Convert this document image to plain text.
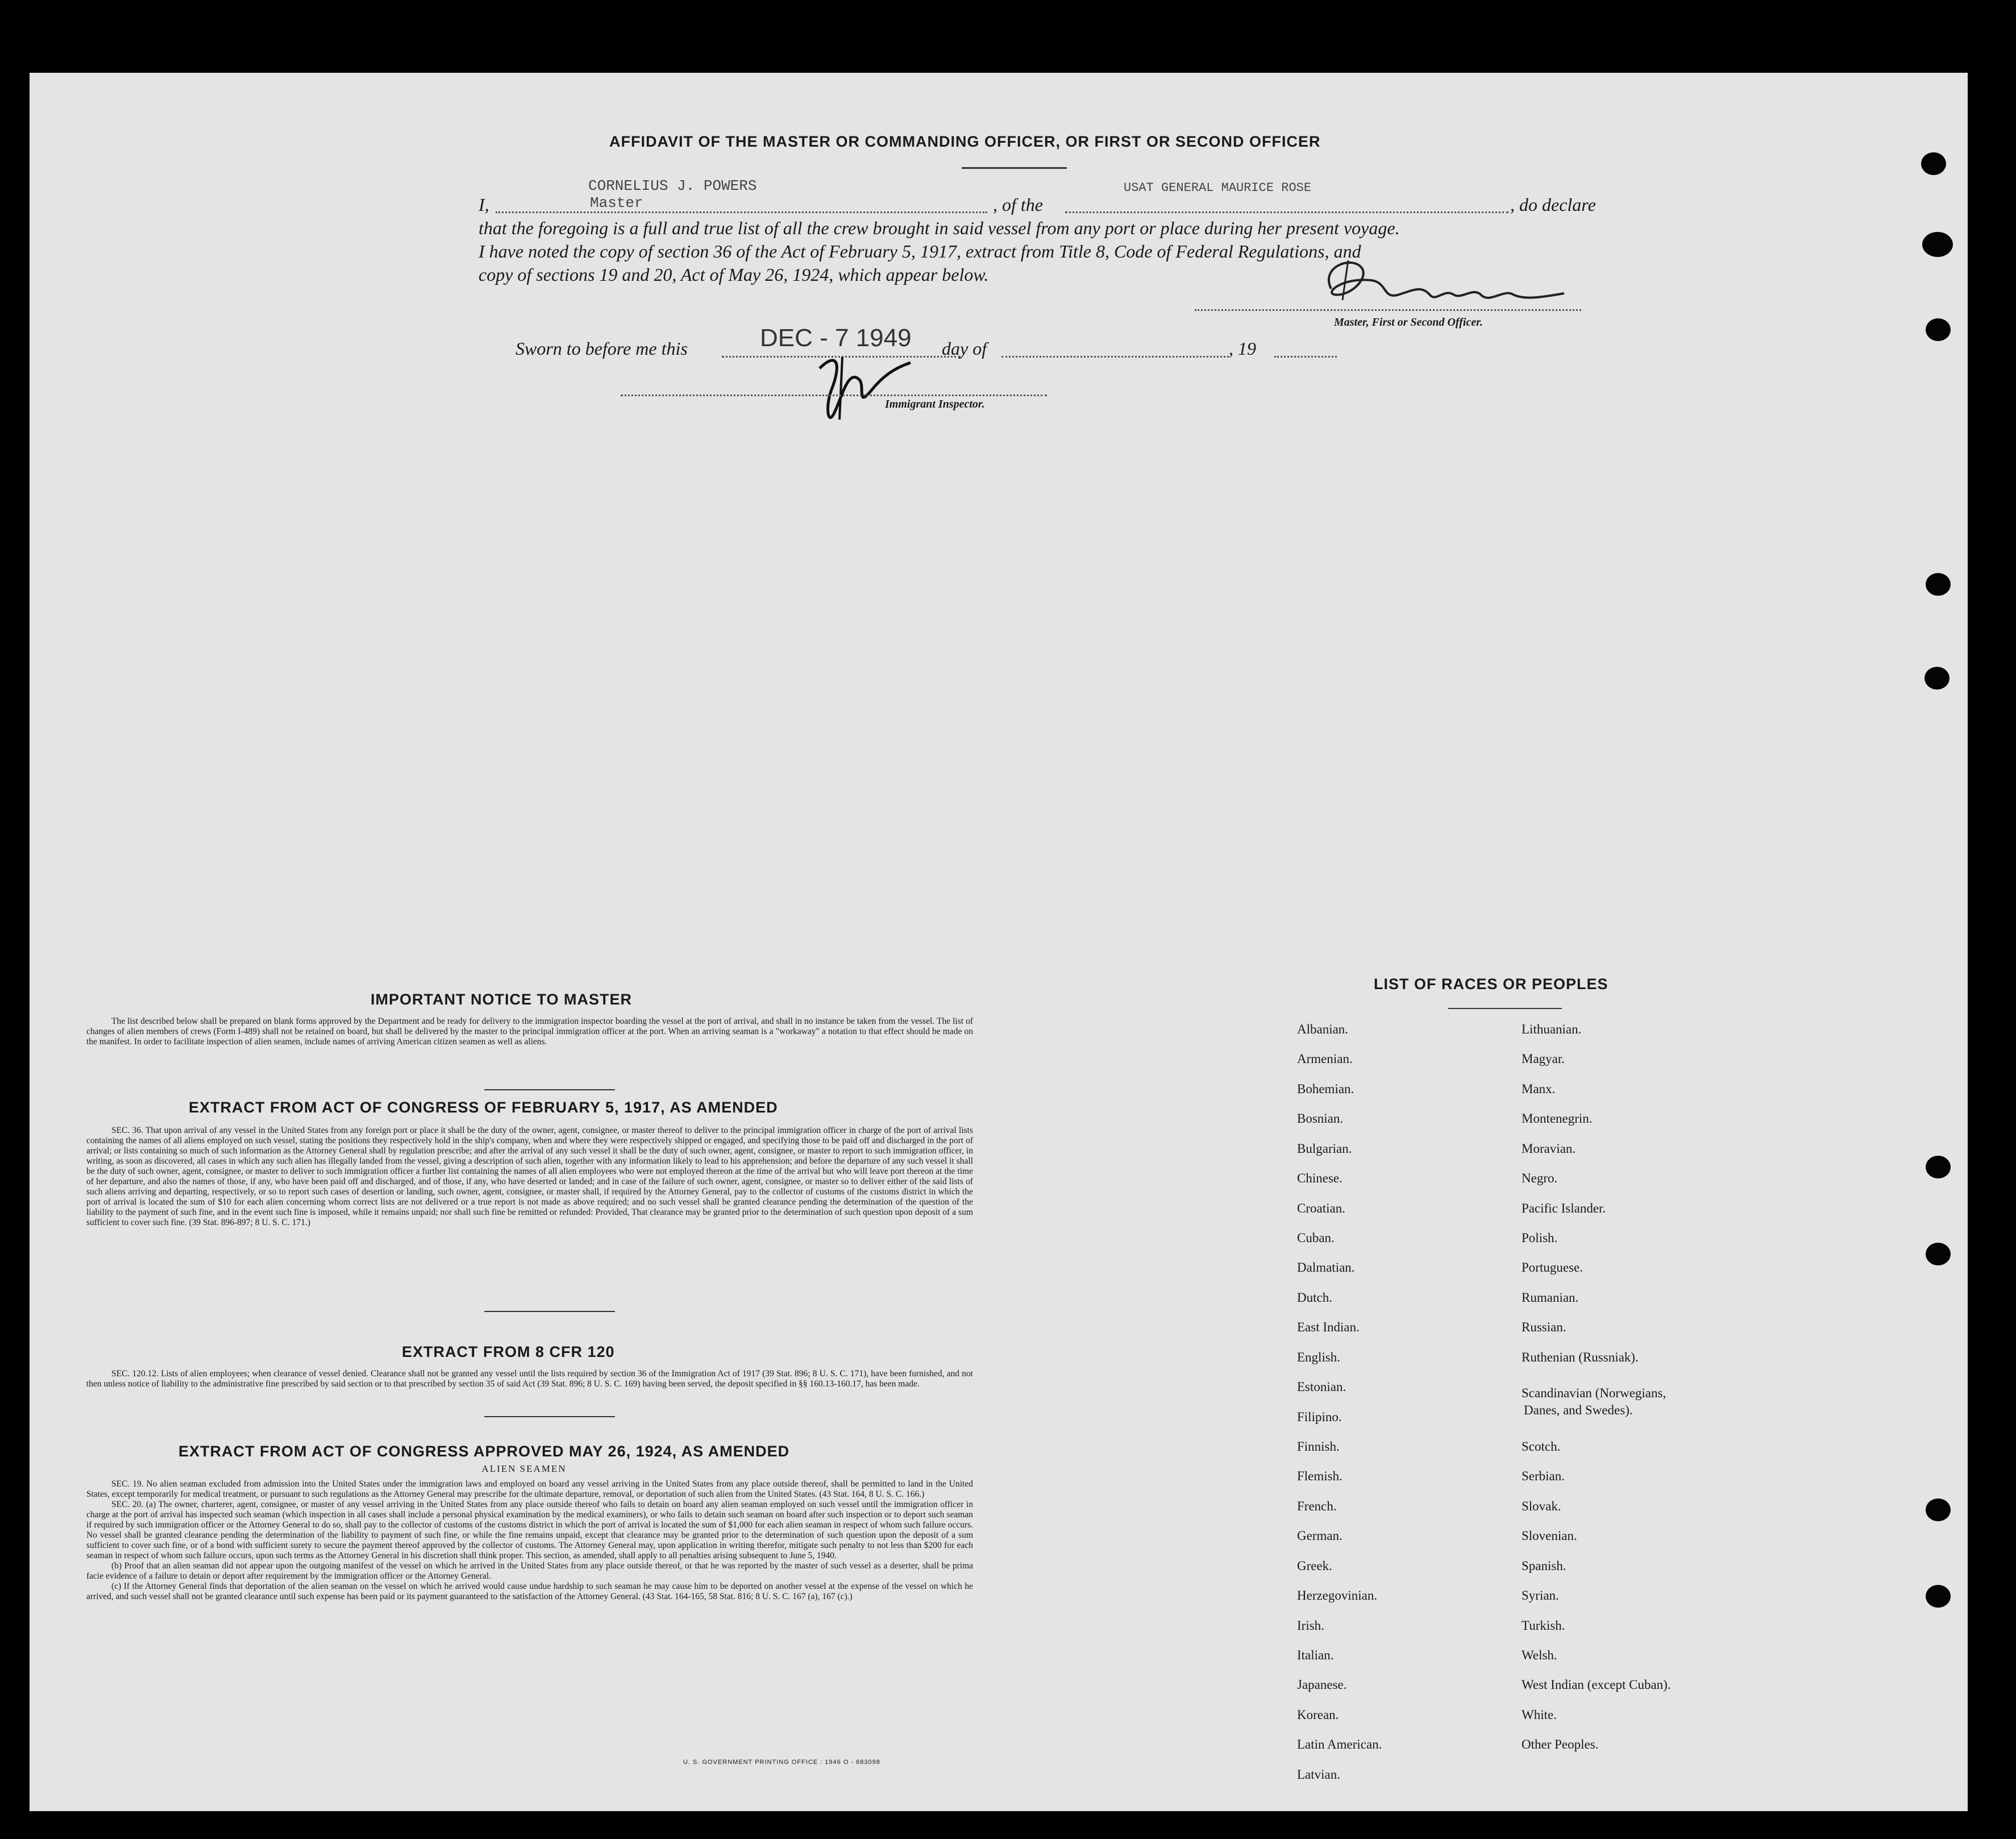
AFFIDAVIT OF THE MASTER OR COMMANDING OFFICER, OR FIRST OR SECOND OFFICER
CORNELIUS J. POWERS	USAT GENERAL MAURICE ROSE
I,	Master	, of the	, do declare
that the foregoing is a full and true list of all the crew brought in said vessel from any port or place during her present voyage.
I have noted the copy of section 36 of the Act of February 5, 1917, extract from Title 8, Code of Federal Regulations, and
copy of sections 19 and 20, Act of May 26, 1924, which appear below.
Master, First or Second Officer.
Sworn to before me this	DEC - 7 1949 day of	, 19
Immigrant Inspector.
IMPORTANT NOTICE TO MASTER

The list described below shall be prepared on blank forms approved by the Department and be ready for delivery to the immigration inspector boarding the vessel at the port of arrival, and shall in no instance be taken from the vessel. The list of changes of alien members of crews (Form I-489) shall not be retained on board, but shall be delivered by the master to the principal immigration officer at the port. When an arriving seaman is a "workaway" a notation to that effect should be made on the manifest. In order to facilitate inspection of alien seamen, include names of arriving American citizen seamen as well as aliens.

EXTRACT FROM ACT OF CONGRESS OF FEBRUARY 5, 1917, AS AMENDED

SEC. 36. That upon arrival of any vessel in the United States from any foreign port or place it shall be the duty of the owner, agent, consignee, or master thereof to deliver to the principal immigration officer in charge of the port of arrival lists containing the names of all aliens employed on such vessel, stating the positions they respectively hold in the ship's company, when and where they were respectively shipped or engaged, and specifying those to be paid off and discharged in the port of arrival; or lists containing so much of such information as the Attorney General shall by regulation prescribe; and after the arrival of any such vessel it shall be the duty of such owner, agent, consignee, or master to report to such immigration officer, in writing, as soon as discovered, all cases in which any such alien has illegally landed from the vessel, giving a description of such alien, together with any information likely to lead to his apprehension; and before the departure of any such vessel it shall be the duty of such owner, agent, consignee, or master to deliver to such immigration officer a further list containing the names of all alien employees who were not employed thereon at the time of the arrival but who will leave port thereon at the time of her departure, and also the names of those, if any, who have been paid off and discharged, and of those, if any, who have deserted or landed; and in case of the failure of such owner, agent, consignee, or master so to deliver either of the said lists of such aliens arriving and departing, respectively, or so to report such cases of desertion or landing, such owner, agent, consignee, or master shall, if required by the Attorney General, pay to the collector of customs of the customs district in which the port of arrival is located the sum of $10 for each alien concerning whom correct lists are not delivered or a true report is not made as above required; and no such vessel shall be granted clearance pending the determination of the question of the liability to the payment of such fine, and in the event such fine is imposed, while it remains unpaid; nor shall such fine be remitted or refunded: Provided, That clearance may be granted prior to the determination of such question upon deposit of a sum sufficient to cover such fine. (39 Stat. 896-897; 8 U. S. C. 171.)

EXTRACT FROM 8 CFR 120

SEC. 120.12. Lists of alien employees; when clearance of vessel denied. Clearance shall not be granted any vessel until the lists required by section 36 of the Immigration Act of 1917 (39 Stat. 896; 8 U. S. C. 171), have been furnished, and not then unless notice of liability to the administrative fine prescribed by said section or to that prescribed by section 35 of said Act (39 Stat. 896; 8 U. S. C. 169) having been served, the deposit specified in §§ 160.13-160.17, has been made.

EXTRACT FROM ACT OF CONGRESS APPROVED MAY 26, 1924, AS AMENDED
ALIEN SEAMEN

SEC. 19. No alien seaman excluded from admission into the United States under the immigration laws and employed on board any vessel arriving in the United States from any place outside thereof, shall be permitted to land in the United States, except temporarily for medical treatment, or pursuant to such regulations as the Attorney General may prescribe for the ultimate departure, removal, or deportation of such alien from the United States. (43 Stat. 164, 8 U. S. C. 166.)

SEC. 20. (a) The owner, charterer, agent, consignee, or master of any vessel arriving in the United States from any place outside thereof who fails to detain on board any alien seaman employed on such vessel until the immigration officer in charge at the port of arrival has inspected such seaman (which inspection in all cases shall include a personal physical examination by the medical examiners), or who fails to detain such seaman on board after such inspection or to deport such seaman if required by such immigration officer or the Attorney General to do so, shall pay to the collector of customs of the customs district in which the port of arrival is located the sum of $1,000 for each alien seaman in respect of whom such failure occurs. No vessel shall be granted clearance pending the determination of the liability to payment of such fine, or while the fine remains unpaid, except that clearance may be granted prior to the determination of such question upon the deposit of a sum sufficient to cover such fine, or of a bond with sufficient surety to secure the payment thereof approved by the collector of customs. The Attorney General may, upon application in writing therefor, mitigate such penalty to not less than $200 for each seaman in respect of whom such failure occurs, upon such terms as the Attorney General in his discretion shall think proper. This section, as amended, shall apply to all penalties arising subsequent to June 5, 1940.

(b) Proof that an alien seaman did not appear upon the outgoing manifest of the vessel on which he arrived in the United States from any place outside thereof, or that he was reported by the master of such vessel as a deserter, shall be prima facie evidence of a failure to detain or deport after requirement by the immigration officer or the Attorney General.

(c) If the Attorney General finds that deportation of the alien seaman on the vessel on which he arrived would cause undue hardship to such seaman he may cause him to be deported on another vessel at the expense of the vessel on which he arrived, and such vessel shall not be granted clearance until such expense has been paid or its payment guaranteed to the satisfaction of the Attorney General. (43 Stat. 164-165, 58 Stat. 816; 8 U. S. C. 167 (a), 167 (c).)

U. S. GOVERNMENT PRINTING OFFICE : 1946 O - 683098
LIST OF RACES OR PEOPLES
Albanian.
Armenian.
Bohemian.
Bosnian.
Bulgarian.
Chinese.
Croatian.
Cuban.
Dalmatian.
Dutch.
East Indian.
English.
Estonian.
Filipino.
Finnish.
Flemish.
French.
German.
Greek.
Herzegovinian.
Irish.
Italian.
Japanese.
Korean.
Latin American.
Latvian.
Lithuanian.
Magyar.
Manx.
Montenegrin.
Moravian.
Negro.
Pacific Islander.
Polish.
Portuguese.
Rumanian.
Russian.
Ruthenian (Russniak).
Scandinavian (Norwegians,
Danes, and Swedes).
Scotch.
Serbian.
Slovak.
Slovenian.
Spanish.
Syrian.
Turkish.
Welsh.
West Indian (except Cuban).
White.
Other Peoples.
